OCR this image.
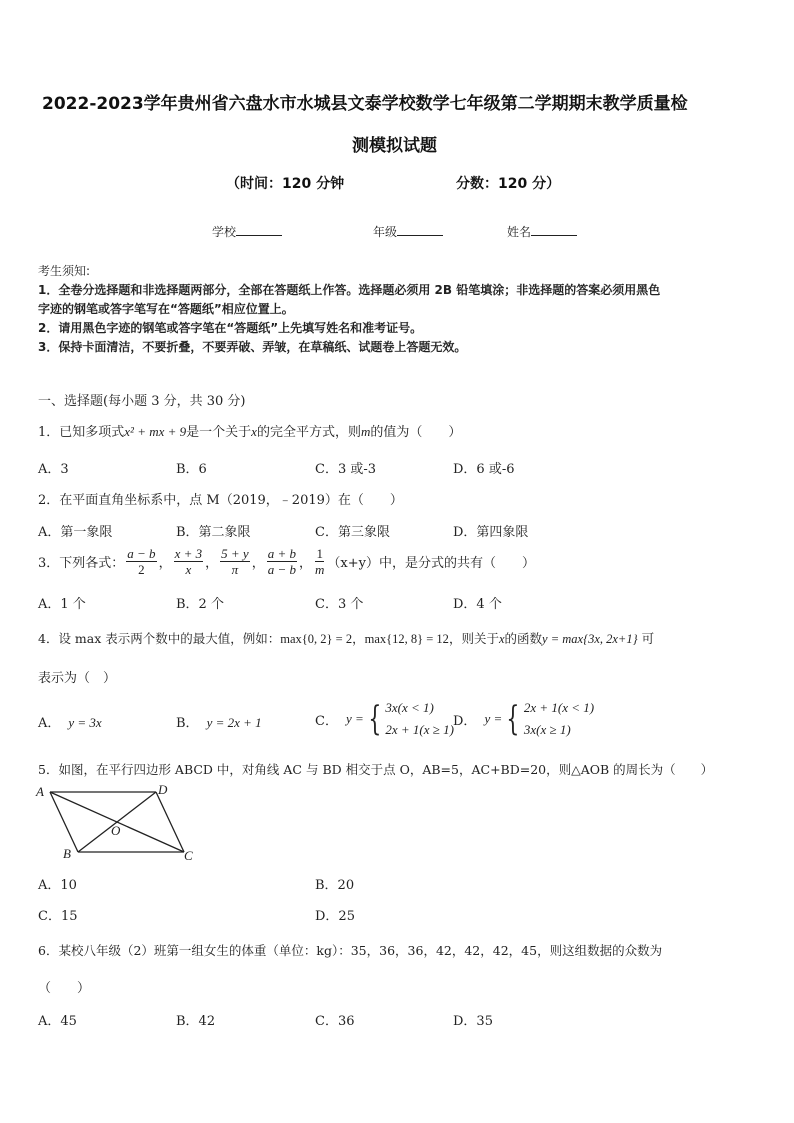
2022-2023学年贵州省六盘水市水城县文泰学校数学七年级第二学期期末教学质量检
测模拟试题
（时间：120 分钟	分数：120 分）
学校	年级	姓名
考生须知:
1．全卷分选择题和非选择题两部分，全部在答题纸上作答。选择题必须用 2B 铅笔填涂；非选择题的答案必须用黑色
字迹的钢笔或答字笔写在“答题纸”相应位置上。
2．请用黑色字迹的钢笔或答字笔在“答题纸”上先填写姓名和准考证号。
3．保持卡面清洁，不要折叠，不要弄破、弄皱，在草稿纸、试题卷上答题无效。
一、选择题(每小题 3 分，共 30 分)
1．已知多项式x² + mx + 9是一个关于x的完全平方式，则m的值为（　　）
A．3	B．6	C．3 或-3	D．6 或-6
2．在平面直角坐标系中，点 M（2019，﹣2019）在（　　）
A．第一象限	B．第二象限	C．第三象限	D．第四象限
3．下列各式： $\frac{a - b}{2}$ ， $\frac{x + 3}{x}$ ， $\frac{5 + y}{\pi}$ ， $\frac{a + b}{a - b}$ ， $\frac{1}{m} (x+y)$中，是分式的共有（　　）
A．1 个	B．2 个	C．3 个	D．4 个
4．设 max 表示两个数中的最大值，例如：max{0, 2} = 2，max{12, 8} = 12，则关于x的函数y = max{3x, 2x+1} 可
表示为（　）
A． y = 3x	B． y = 2x + 1	C． y = { 3x(x < 1)
2x + 1(x ≥ 1)
D． y = { 2x + 1(x < 1)
3x(x ≥ 1)
5．如图，在平行四边形 ABCD 中，对角线 AC 与 BD 相交于点 O，AB=5，AC+BD=20，则△AOB 的周长为（　　）
A	D
B	C
O
A．10	B．20
C．15	D．25
6．某校八年级（2）班第一组女生的体重（单位：kg）：35，36，36，42，42，42，45，则这组数据的众数为
（　　）
A．45	B．42	C．36	D．35
